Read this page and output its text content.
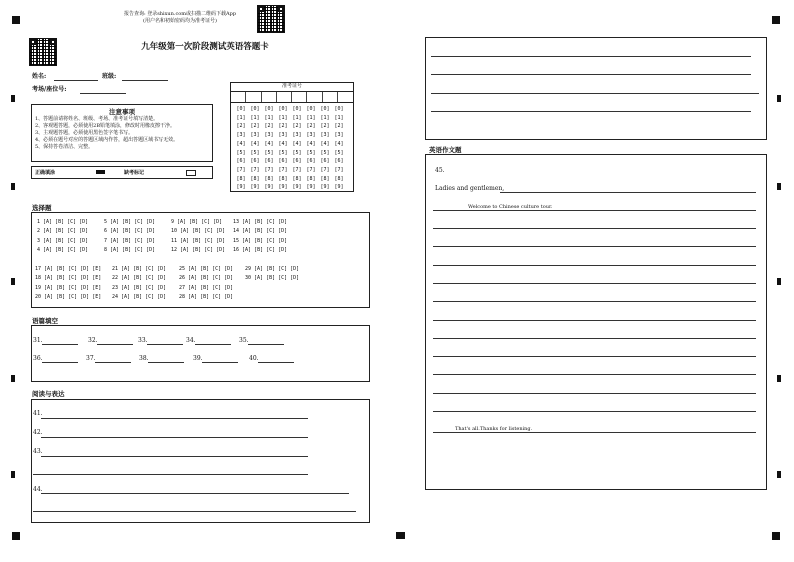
报告查询: 登录shixun.com或扫描二维码下载App
(用户名和初始密码均为准考证号)
九年级第一次阶段测试英语答题卡
姓名:	班级:
考场/座位号:
注意事项
1、答题前请将姓名、班级、考场、准考证号填写清楚。
2、客观题答题，必须使用2B铅笔填涂，修改时用橡皮擦干净。
3、主观题答题，必须使用黑色签字笔书写。
4、必须在题号对应的答题区域内作答，超出答题区域书写无效。
5、保持答卷清洁、完整。
正确填涂	缺考标记
准考证号
[0] [0] [0] [0] [0] [0] [0] [0]
[1] [1] [1] [1] [1] [1] [1] [1]
[2] [2] [2] [2] [2] [2] [2] [2]
[3] [3] [3] [3] [3] [3] [3] [3]
[4] [4] [4] [4] [4] [4] [4] [4]
[5] [5] [5] [5] [5] [5] [5] [5]
[6] [6] [6] [6] [6] [6] [6] [6]
[7] [7] [7] [7] [7] [7] [7] [7]
[8] [8] [8] [8] [8] [8] [8] [8]
[9] [9] [9] [9] [9] [9] [9] [9]
选择题
1 [A] [B] [C] [D]	5 [A] [B] [C] [D]	9 [A] [B] [C] [D] 13 [A] [B] [C] [D]
2 [A] [B] [C] [D]	6 [A] [B] [C] [D]	10 [A] [B] [C] [D] 14 [A] [B] [C] [D]
3 [A] [B] [C] [D]	7 [A] [B] [C] [D]	11 [A] [B] [C] [D] 15 [A] [B] [C] [D]
4 [A] [B] [C] [D]	8 [A] [B] [C] [D]	12 [A] [B] [C] [D] 16 [A] [B] [C] [D]
17 [A] [B] [C] [D] [E] 21 [A] [B] [C] [D]	25 [A] [B] [C] [D] 29 [A] [B] [C] [D]
18 [A] [B] [C] [D] [E] 22 [A] [B] [C] [D]	26 [A] [B] [C] [D] 30 [A] [B] [C] [D]
19 [A] [B] [C] [D] [E] 23 [A] [B] [C] [D]	27 [A] [B] [C] [D]
20 [A] [B] [C] [D] [E] 24 [A] [B] [C] [D]	28 [A] [B] [C] [D]
语篇填空
31.	32.	33.	34.	35.
36.	37.	38.	39.	40.
阅读与表达
41.
42.
43.
44.
英语作文题
45.
Ladies and gentlemen,
Welcome to Chinese culture tour.
That's all.Thanks for listening.
